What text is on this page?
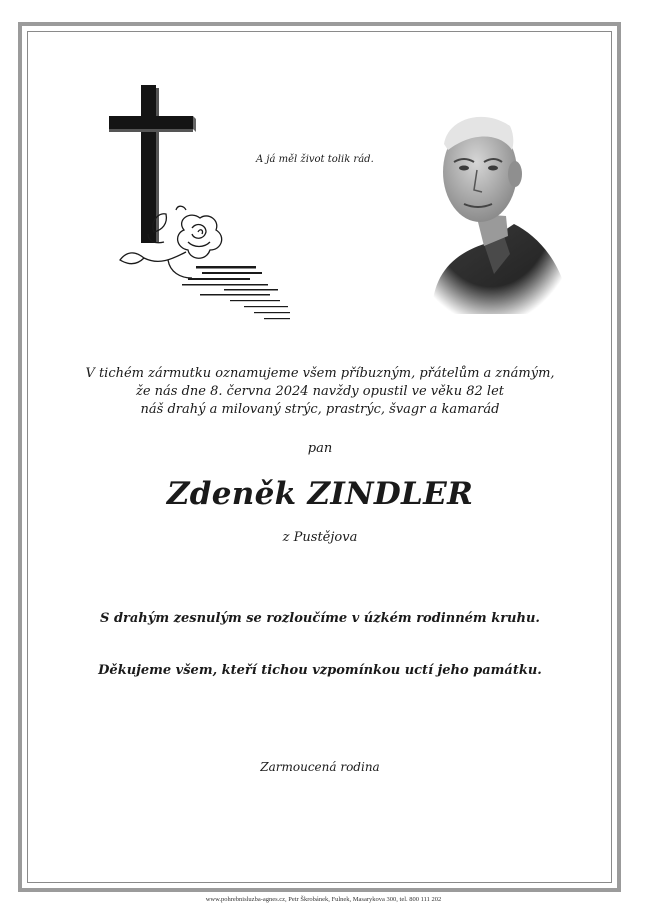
A já měl život tolik rád.
V tichém zármutku oznamujeme všem příbuzným, přátelům a známým,
že nás dne 8. června 2024 navždy opustil ve věku 82 let
náš drahý a milovaný strýc, prastrýc, švagr a kamarád
pan
Zdeněk ZINDLER
z Pustějova
S drahým zesnulým se rozloučíme v úzkém rodinném kruhu.
Děkujeme všem, kteří tichou vzpomínkou uctí jeho památku.
Zarmoucená rodina
www.pohrebnisluzba-agnes.cz, Petr Škrobánek, Fulnek, Masarykova 300, tel. 800 111 202
